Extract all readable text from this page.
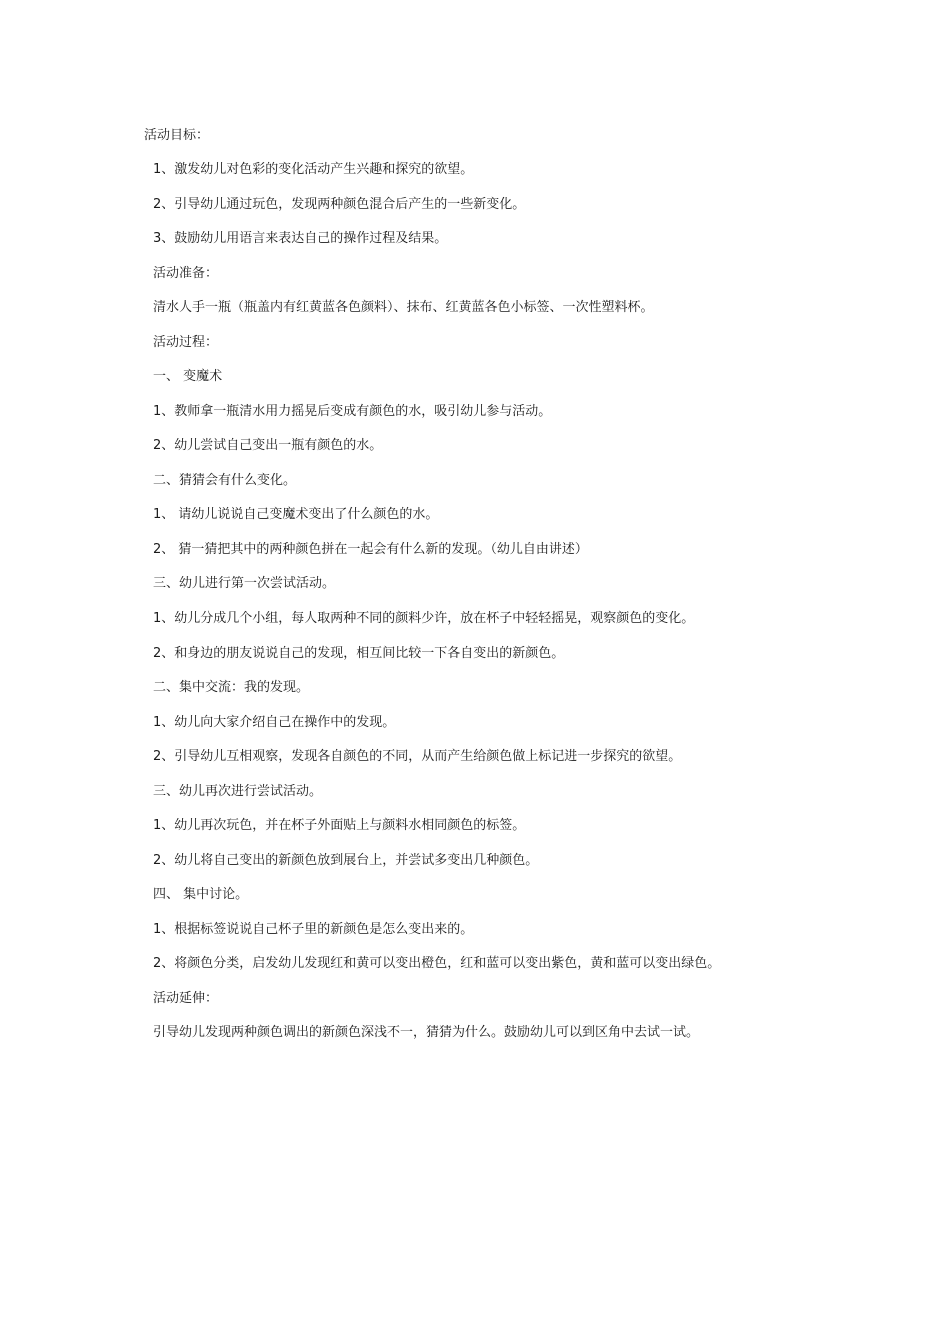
活动目标：
1、激发幼儿对色彩的变化活动产生兴趣和探究的欲望。
2、引导幼儿通过玩色，发现两种颜色混合后产生的一些新变化。
3、鼓励幼儿用语言来表达自己的操作过程及结果。
活动准备：
清水人手一瓶（瓶盖内有红黄蓝各色颜料）、抹布、红黄蓝各色小标签、一次性塑料杯。
活动过程：
一、 变魔术
1、教师拿一瓶清水用力摇晃后变成有颜色的水，吸引幼儿参与活动。
2、幼儿尝试自己变出一瓶有颜色的水。
二、猜猜会有什么变化。
1、 请幼儿说说自己变魔术变出了什么颜色的水。
2、 猜一猜把其中的两种颜色拼在一起会有什么新的发现。（幼儿自由讲述）
三、幼儿进行第一次尝试活动。
1、幼儿分成几个小组，每人取两种不同的颜料少许，放在杯子中轻轻摇晃，观察颜色的变化。
2、和身边的朋友说说自己的发现，相互间比较一下各自变出的新颜色。
二、集中交流：我的发现。
1、幼儿向大家介绍自己在操作中的发现。
2、引导幼儿互相观察，发现各自颜色的不同，从而产生给颜色做上标记进一步探究的欲望。
三、幼儿再次进行尝试活动。
1、幼儿再次玩色，并在杯子外面贴上与颜料水相同颜色的标签。
2、幼儿将自己变出的新颜色放到展台上，并尝试多变出几种颜色。
四、 集中讨论。
1、根据标签说说自己杯子里的新颜色是怎么变出来的。
2、将颜色分类，启发幼儿发现红和黄可以变出橙色，红和蓝可以变出紫色，黄和蓝可以变出绿色。
活动延伸：
引导幼儿发现两种颜色调出的新颜色深浅不一，猜猜为什么。鼓励幼儿可以到区角中去试一试。
